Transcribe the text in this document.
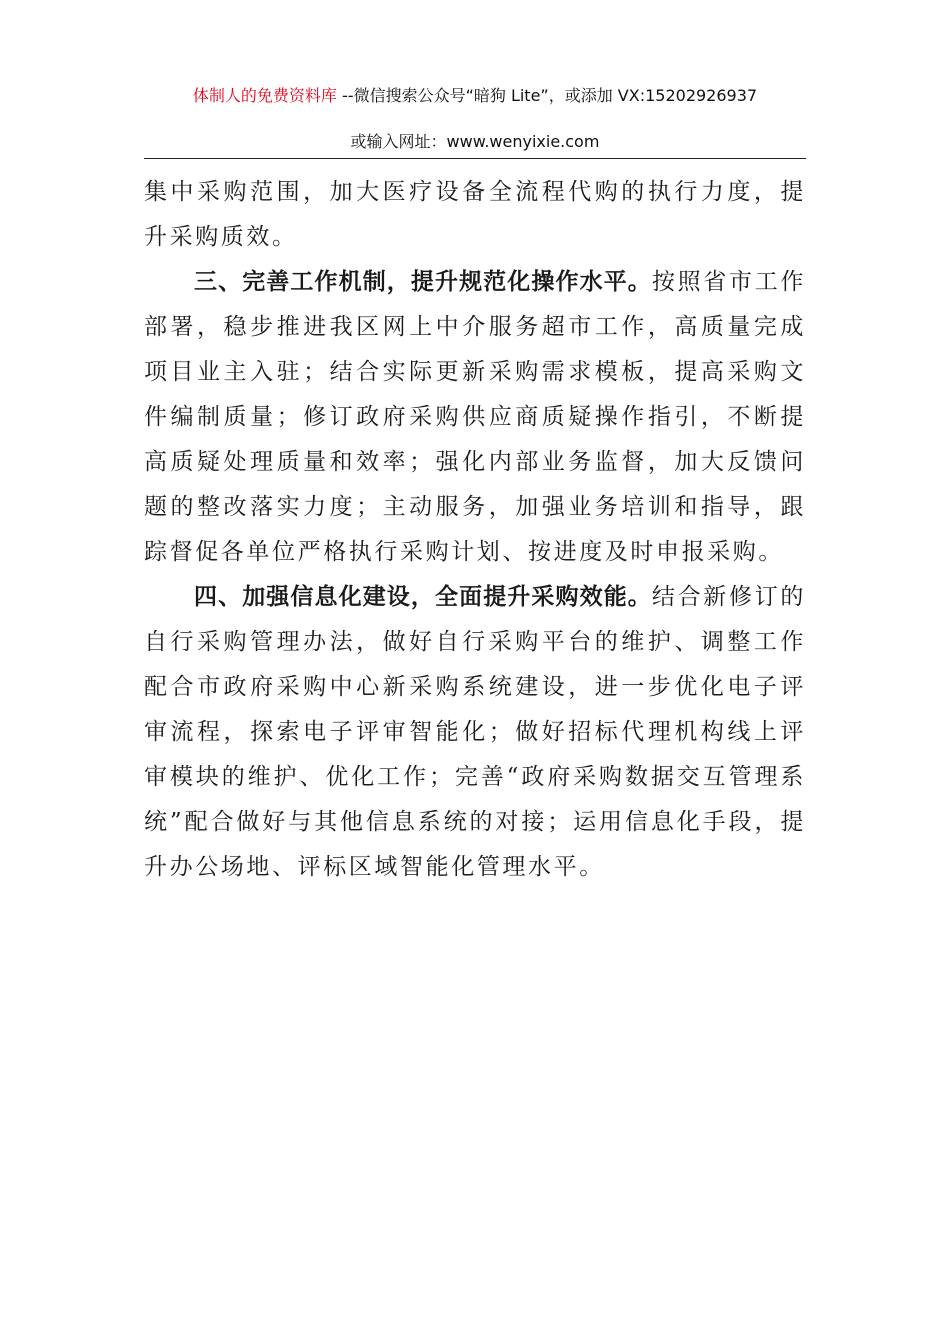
体制人的免费资料库 --微信搜索公众号“暗狗 Lite”，或添加 VX:15202926937
或输入网址：www.wenyixie.com

集中采购范围，加大医疗设备全流程代购的执行力度，提升采购质效。

三、完善工作机制，提升规范化操作水平。按照省市工作部署，稳步推进我区网上中介服务超市工作，高质量完成项目业主入驻；结合实际更新采购需求模板，提高采购文件编制质量；修订政府采购供应商质疑操作指引，不断提高质疑处理质量和效率；强化内部业务监督，加大反馈问题的整改落实力度；主动服务，加强业务培训和指导，跟踪督促各单位严格执行采购计划、按进度及时申报采购。

四、加强信息化建设，全面提升采购效能。结合新修订的自行采购管理办法，做好自行采购平台的维护、调整工作配合市政府采购中心新采购系统建设，进一步优化电子评审流程，探索电子评审智能化；做好招标代理机构线上评审模块的维护、优化工作；完善“政府采购数据交互管理系统”配合做好与其他信息系统的对接；运用信息化手段，提升办公场地、评标区域智能化管理水平。
